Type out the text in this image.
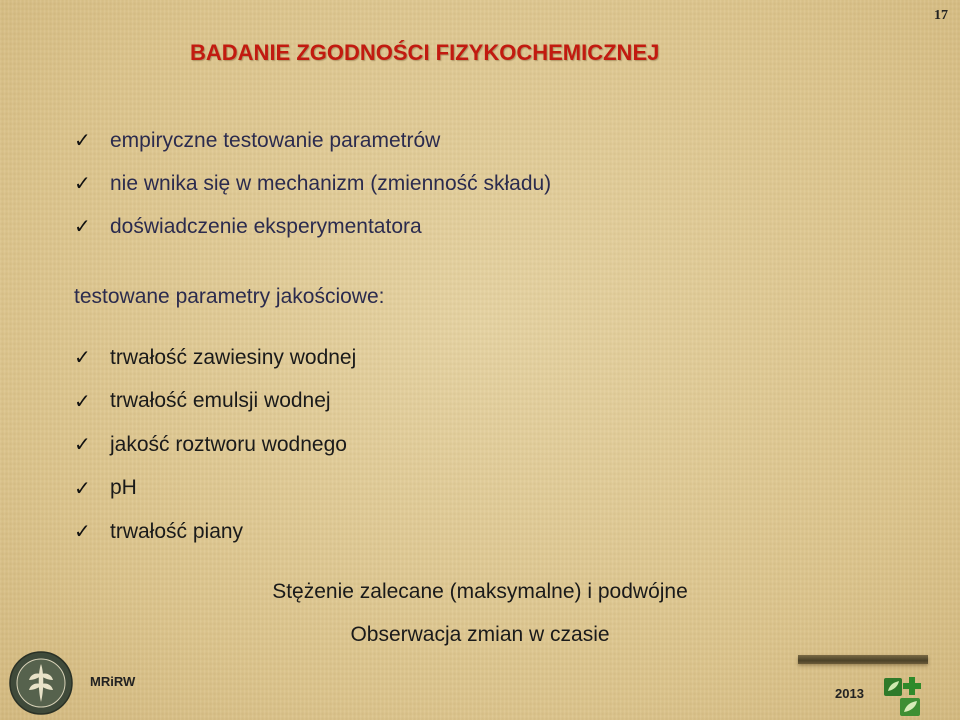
17
BADANIE ZGODNOŚCI FIZYKOCHEMICZNEJ
✓ empiryczne testowanie parametrów
✓ nie wnika się w mechanizm (zmienność składu)
✓ doświadczenie eksperymentatora
testowane parametry jakościowe:
✓ trwałość zawiesiny wodnej
✓ trwałość emulsji wodnej
✓ jakość roztworu wodnego
✓ pH
✓ trwałość piany
Stężenie zalecane (maksymalne) i podwójne
Obserwacja zmian w czasie
MRiRW
2013
